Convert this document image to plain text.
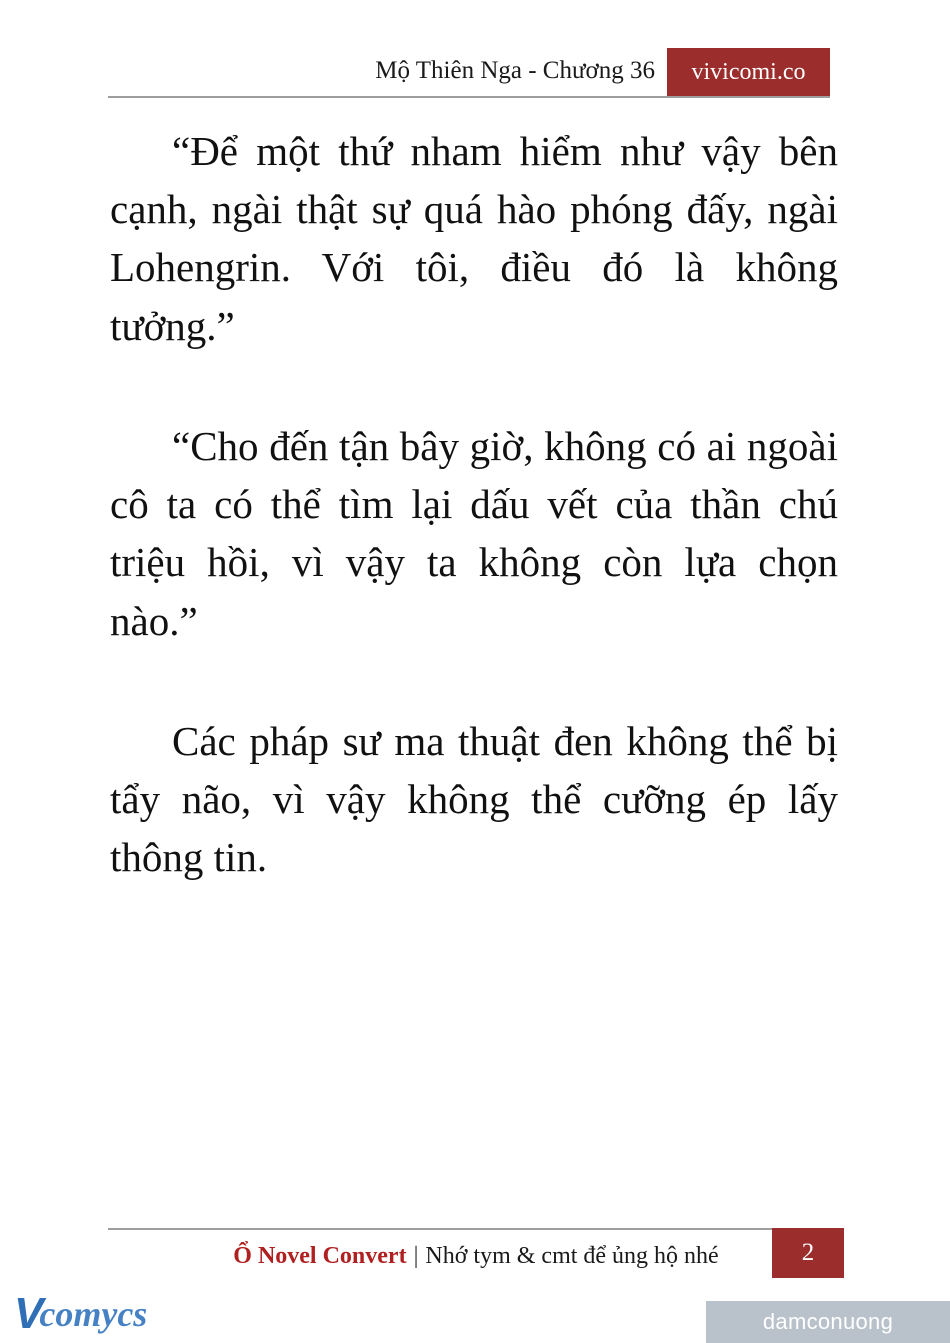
Mộ Thiên Nga - Chương 36	vivicomi.co

“Để một thứ nham hiểm như vậy bên cạnh, ngài thật sự quá hào phóng đấy, ngài Lohengrin. Với tôi, điều đó là không tưởng.”

“Cho đến tận bây giờ, không có ai ngoài cô ta có thể tìm lại dấu vết của thần chú triệu hồi, vì vậy ta không còn lựa chọn nào.”

Các pháp sư ma thuật đen không thể bị tẩy não, vì vậy không thể cưỡng ép lấy thông tin.

Ổ Novel Convert | Nhớ tym & cmt để ủng hộ nhé	2
V
comycs	damconuong
